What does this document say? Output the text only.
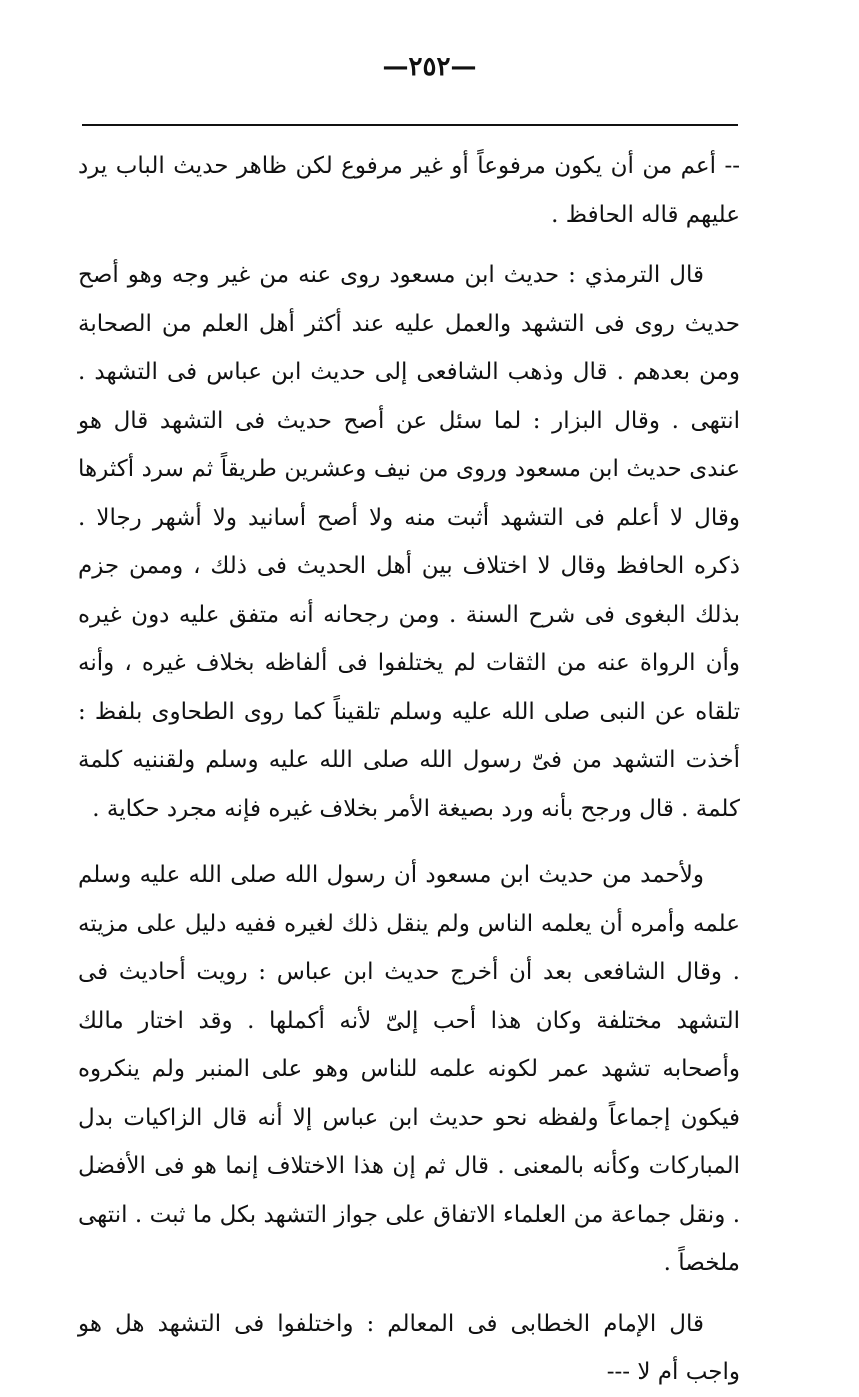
—٢٥٢—

-- أعم من أن يكون مرفوعاً أو غير مرفوع لكن ظاهر حديث الباب يرد عليهم قاله الحافظ .

قال الترمذي : حديث ابن مسعود روى عنه من غير وجه وهو أصح حديث روى فى التشهد والعمل عليه عند أكثر أهل العلم من الصحابة ومن بعدهم . قال وذهب الشافعى إلى حديث ابن عباس فى التشهد . انتهى . وقال البزار : لما سئل عن أصح حديث فى التشهد قال هو عندى حديث ابن مسعود وروى من نيف وعشرين طريقاً ثم سرد أكثرها وقال لا أعلم فى التشهد أثبت منه ولا أصح أسانيد ولا أشهر رجالا . ذكره الحافظ وقال لا اختلاف بين أهل الحديث فى ذلك ، وممن جزم بذلك البغوى فى شرح السنة . ومن رجحانه أنه متفق عليه دون غيره وأن الرواة عنه من الثقات لم يختلفوا فى ألفاظه بخلاف غيره ، وأنه تلقاه عن النبى صلى الله عليه وسلم تلقيناً كما روى الطحاوى بلفظ : أخذت التشهد من فىّ رسول الله صلى الله عليه وسلم ولقننيه كلمة كلمة . قال ورجح بأنه ورد بصيغة الأمر بخلاف غيره فإنه مجرد حكاية .

ولأحمد من حديث ابن مسعود أن رسول الله صلى الله عليه وسلم علمه وأمره أن يعلمه الناس ولم ينقل ذلك لغيره ففيه دليل على مزيته . وقال الشافعى بعد أن أخرج حديث ابن عباس : رويت أحاديث فى التشهد مختلفة وكان هذا أحب إلىّ لأنه أكملها . وقد اختار مالك وأصحابه تشهد عمر لكونه علمه للناس وهو على المنبر ولم ينكروه فيكون إجماعاً ولفظه نحو حديث ابن عباس إلا أنه قال الزاكيات بدل المباركات وكأنه بالمعنى . قال ثم إن هذا الاختلاف إنما هو فى الأفضل . ونقل جماعة من العلماء الاتفاق على جواز التشهد بكل ما ثبت . انتهى ملخصاً .

قال الإمام الخطابى فى المعالم : واختلفوا فى التشهد هل هو واجب أم لا ---
